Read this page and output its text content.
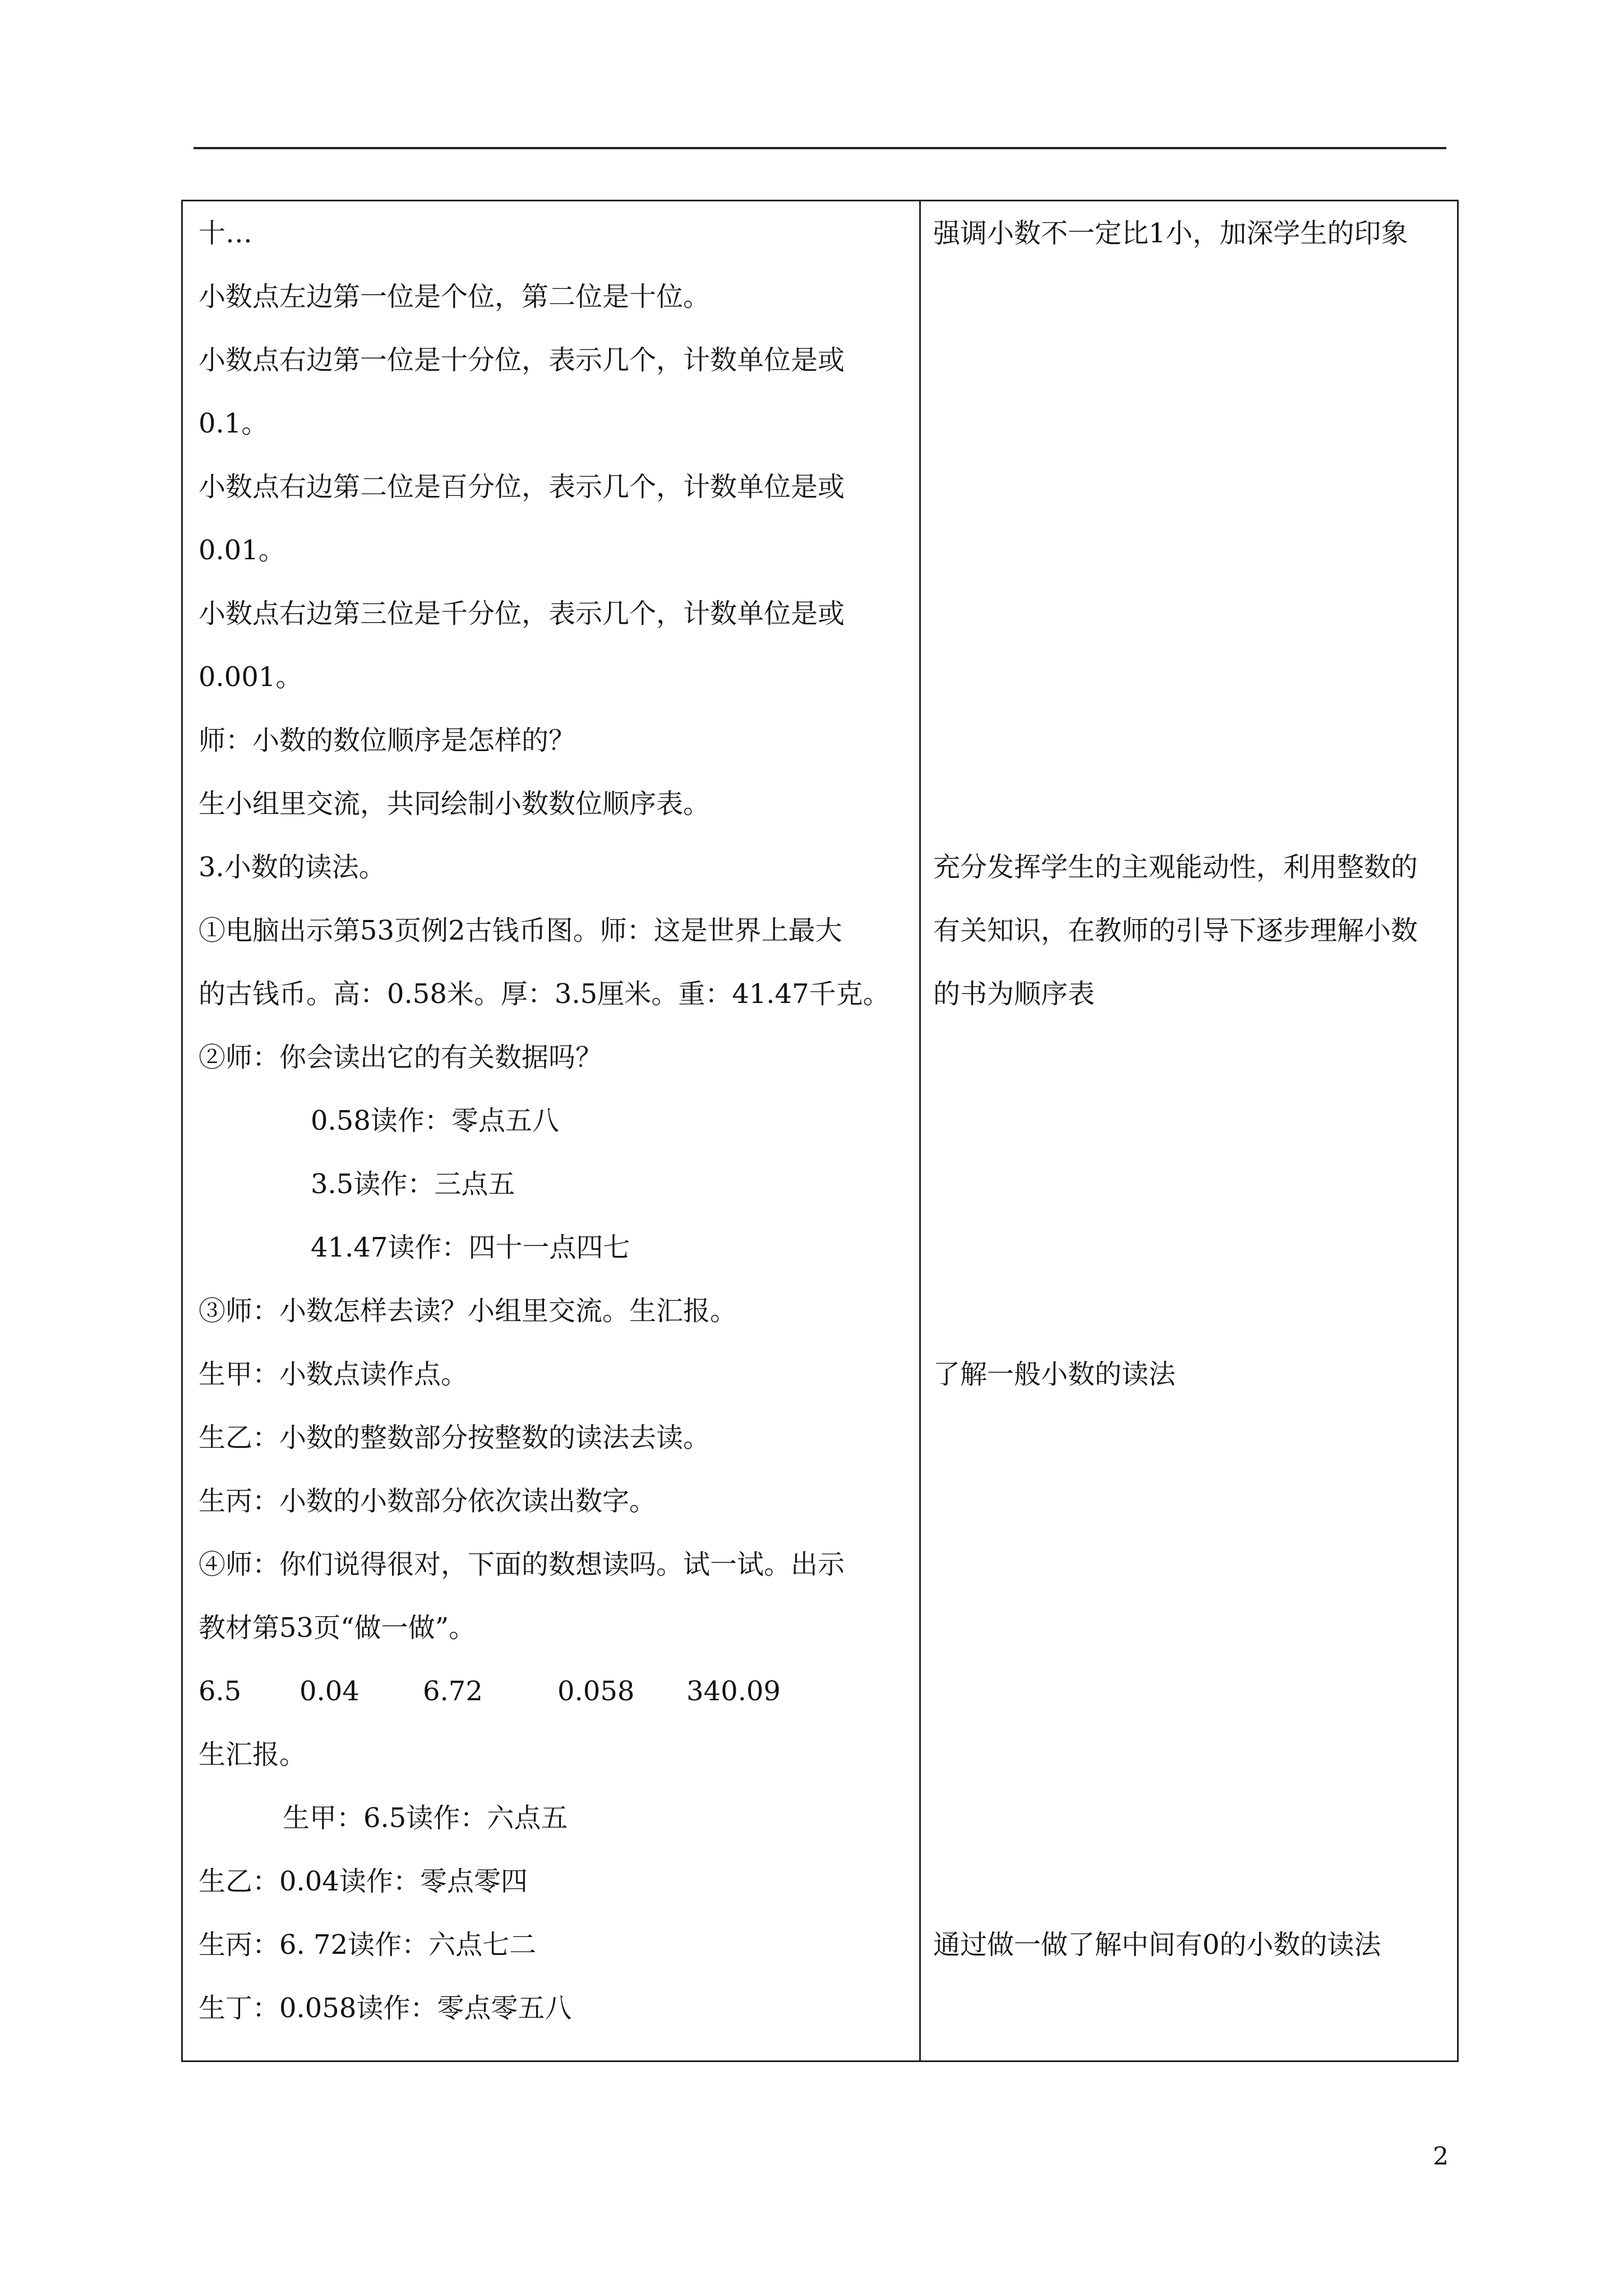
十…
小数点左边第一位是个位，第二位是十位。
小数点右边第一位是十分位，表示几个，计数单位是或
0.1。
小数点右边第二位是百分位，表示几个，计数单位是或
0.01。
小数点右边第三位是千分位，表示几个，计数单位是或
0.001。
师：小数的数位顺序是怎样的？
生小组里交流，共同绘制小数数位顺序表。
3.小数的读法。
①电脑出示第53页例2古钱币图。师：这是世界上最大
的古钱币。高：0.58米。厚：3.5厘米。重：41.47千克。
②师：你会读出它的有关数据吗？
0.58读作：零点五八
3.5读作：三点五
41.47读作：四十一点四七
③师：小数怎样去读？小组里交流。生汇报。
生甲：小数点读作点。
生乙：小数的整数部分按整数的读法去读。
生丙：小数的小数部分依次读出数字。
④师：你们说得很对，下面的数想读吗。试一试。出示
教材第53页“做一做”。

6.5

0.04

6.72

	0.058

340.09

生汇报。
生甲：6.5读作：六点五
生乙：0.04读作：零点零四
生丙：6. 72读作：六点七二
生丁：0.058读作：零点零五八
强调小数不一定比1小，加深学生的印象
充分发挥学生的主观能动性，利用整数的
有关知识，在教师的引导下逐步理解小数
的书为顺序表
了解一般小数的读法
通过做一做了解中间有0的小数的读法
2
